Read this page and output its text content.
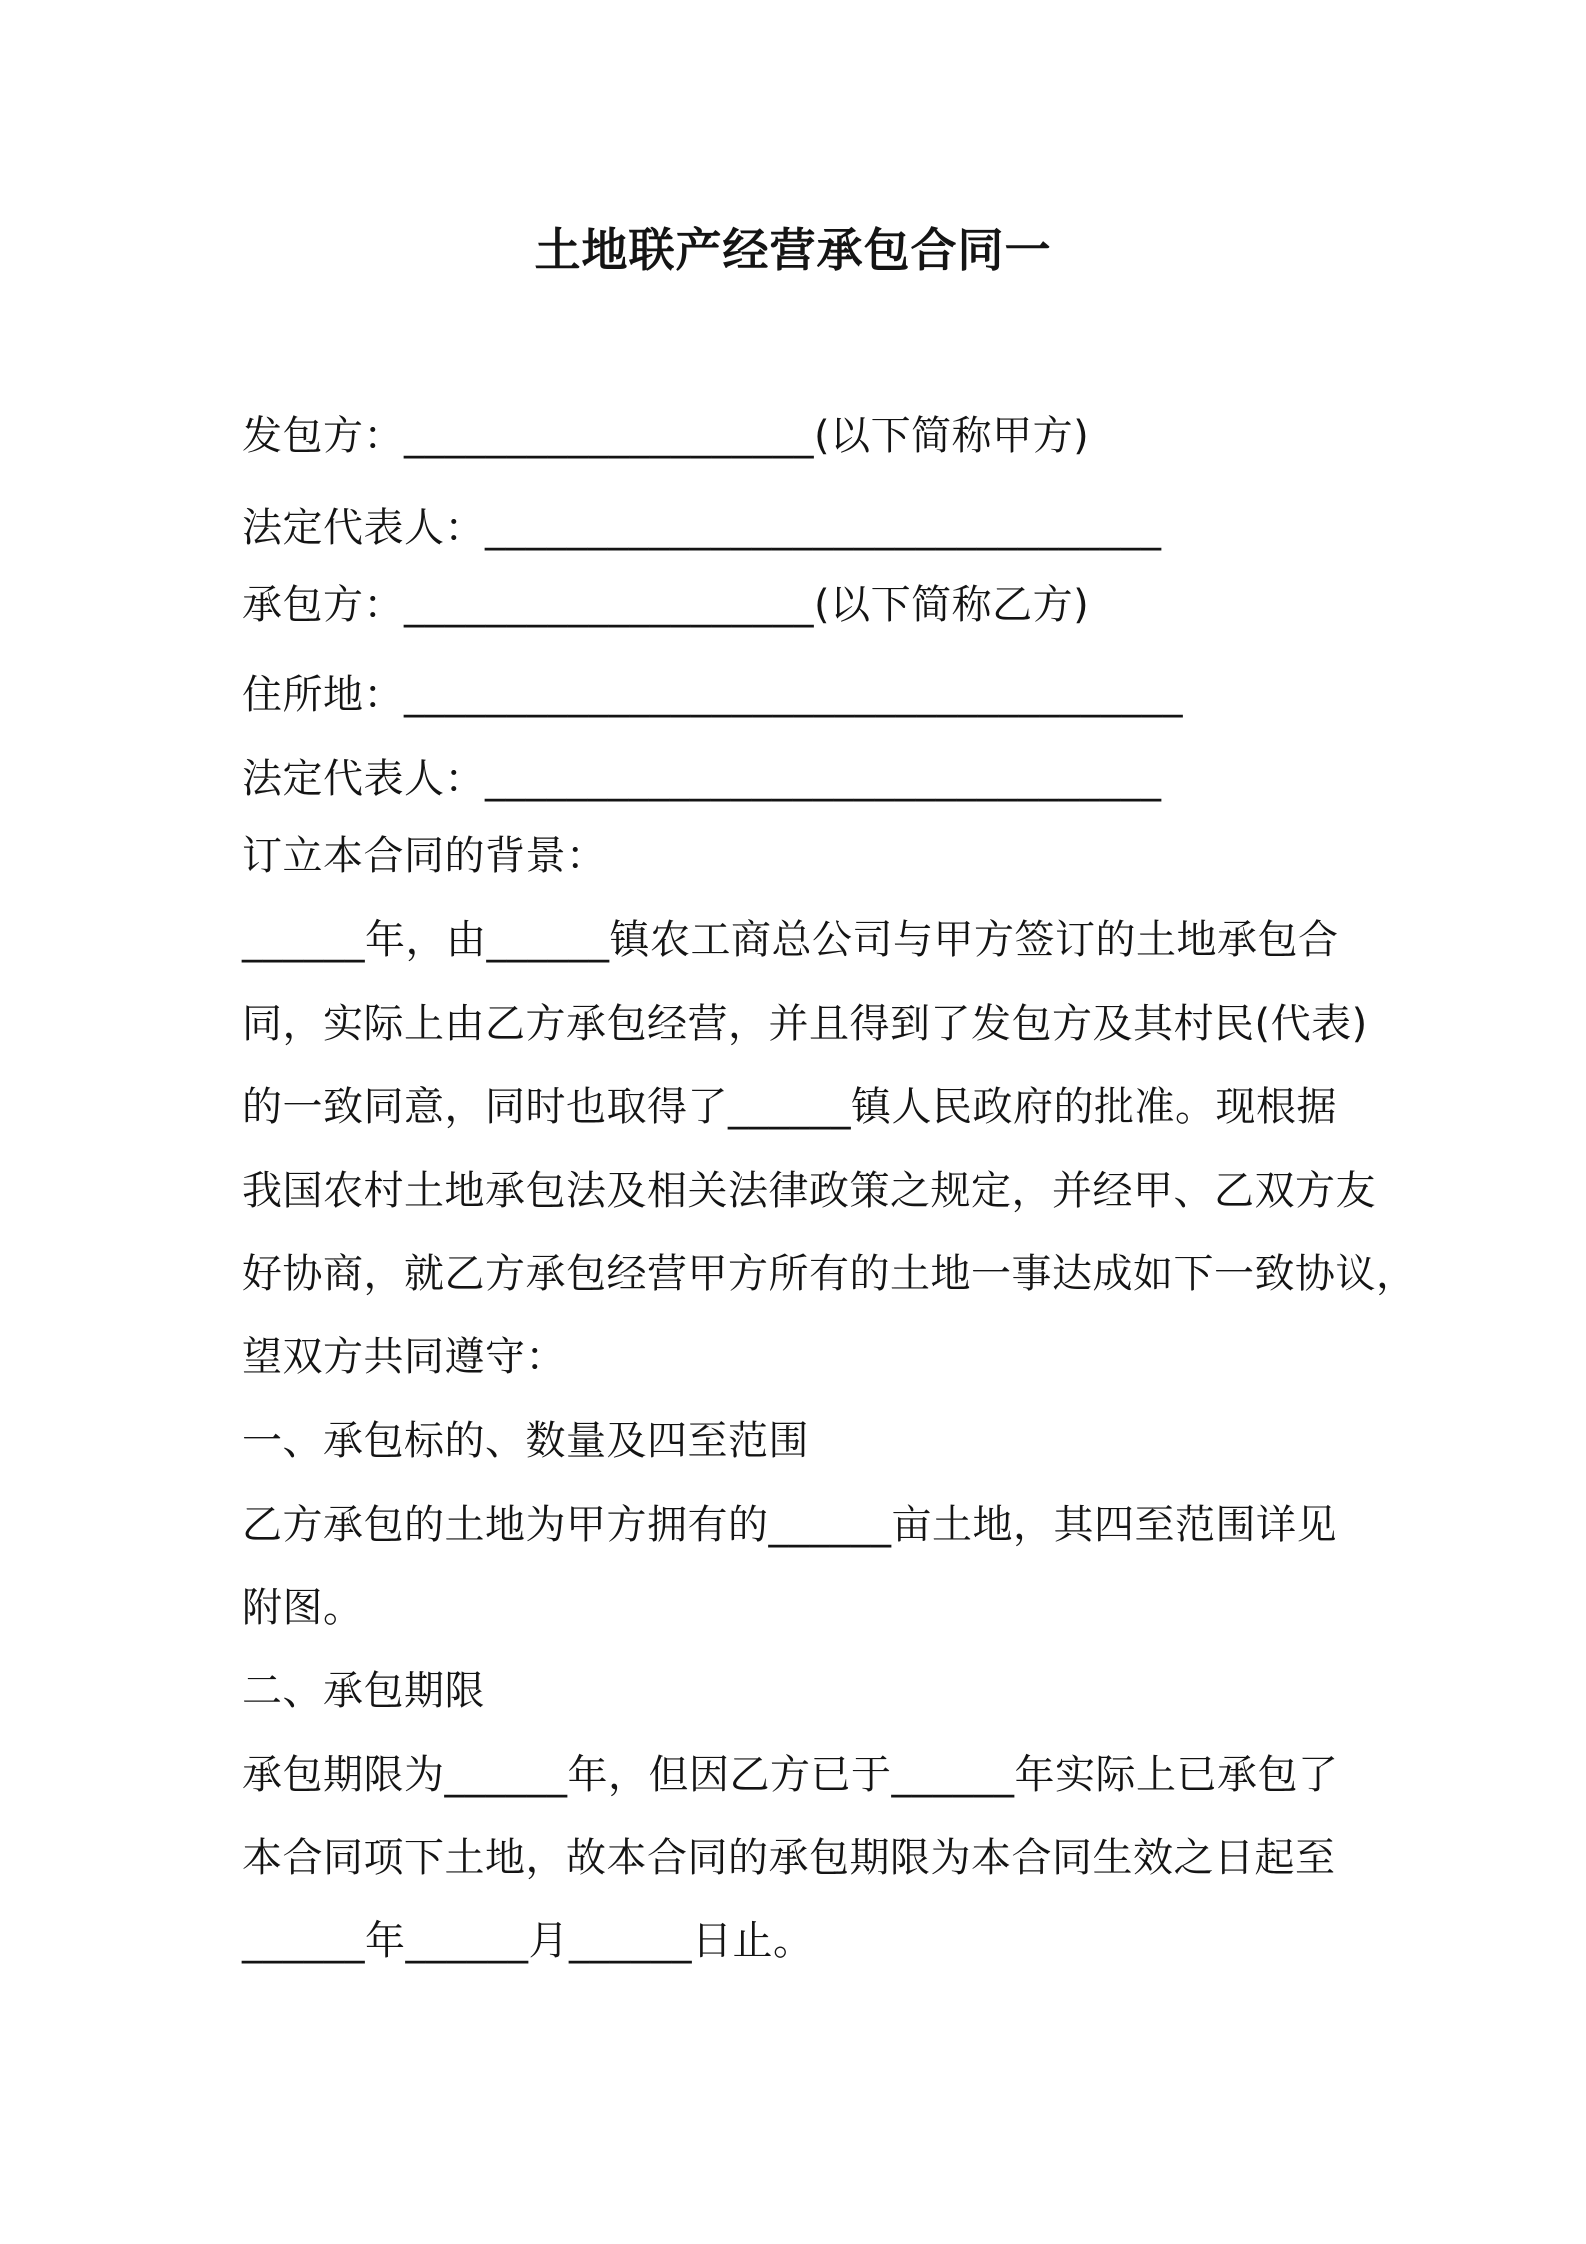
土地联产经营承包合同一
发包方：____________________(以下简称甲方)
法定代表人：_________________________________
承包方：____________________(以下简称乙方)
住所地：______________________________________
法定代表人：_________________________________
订立本合同的背景：
______年，由______镇农工商总公司与甲方签订的土地承包合
同，实际上由乙方承包经营，并且得到了发包方及其村民(代表)
的一致同意，同时也取得了______镇人民政府的批准。现根据
我国农村土地承包法及相关法律政策之规定，并经甲、乙双方友
好协商，就乙方承包经营甲方所有的土地一事达成如下一致协议，
望双方共同遵守：
一、承包标的、数量及四至范围
乙方承包的土地为甲方拥有的______亩土地，其四至范围详见
附图。
二、承包期限
承包期限为______年，但因乙方已于______年实际上已承包了
本合同项下土地，故本合同的承包期限为本合同生效之日起至
______年______月______日止。
